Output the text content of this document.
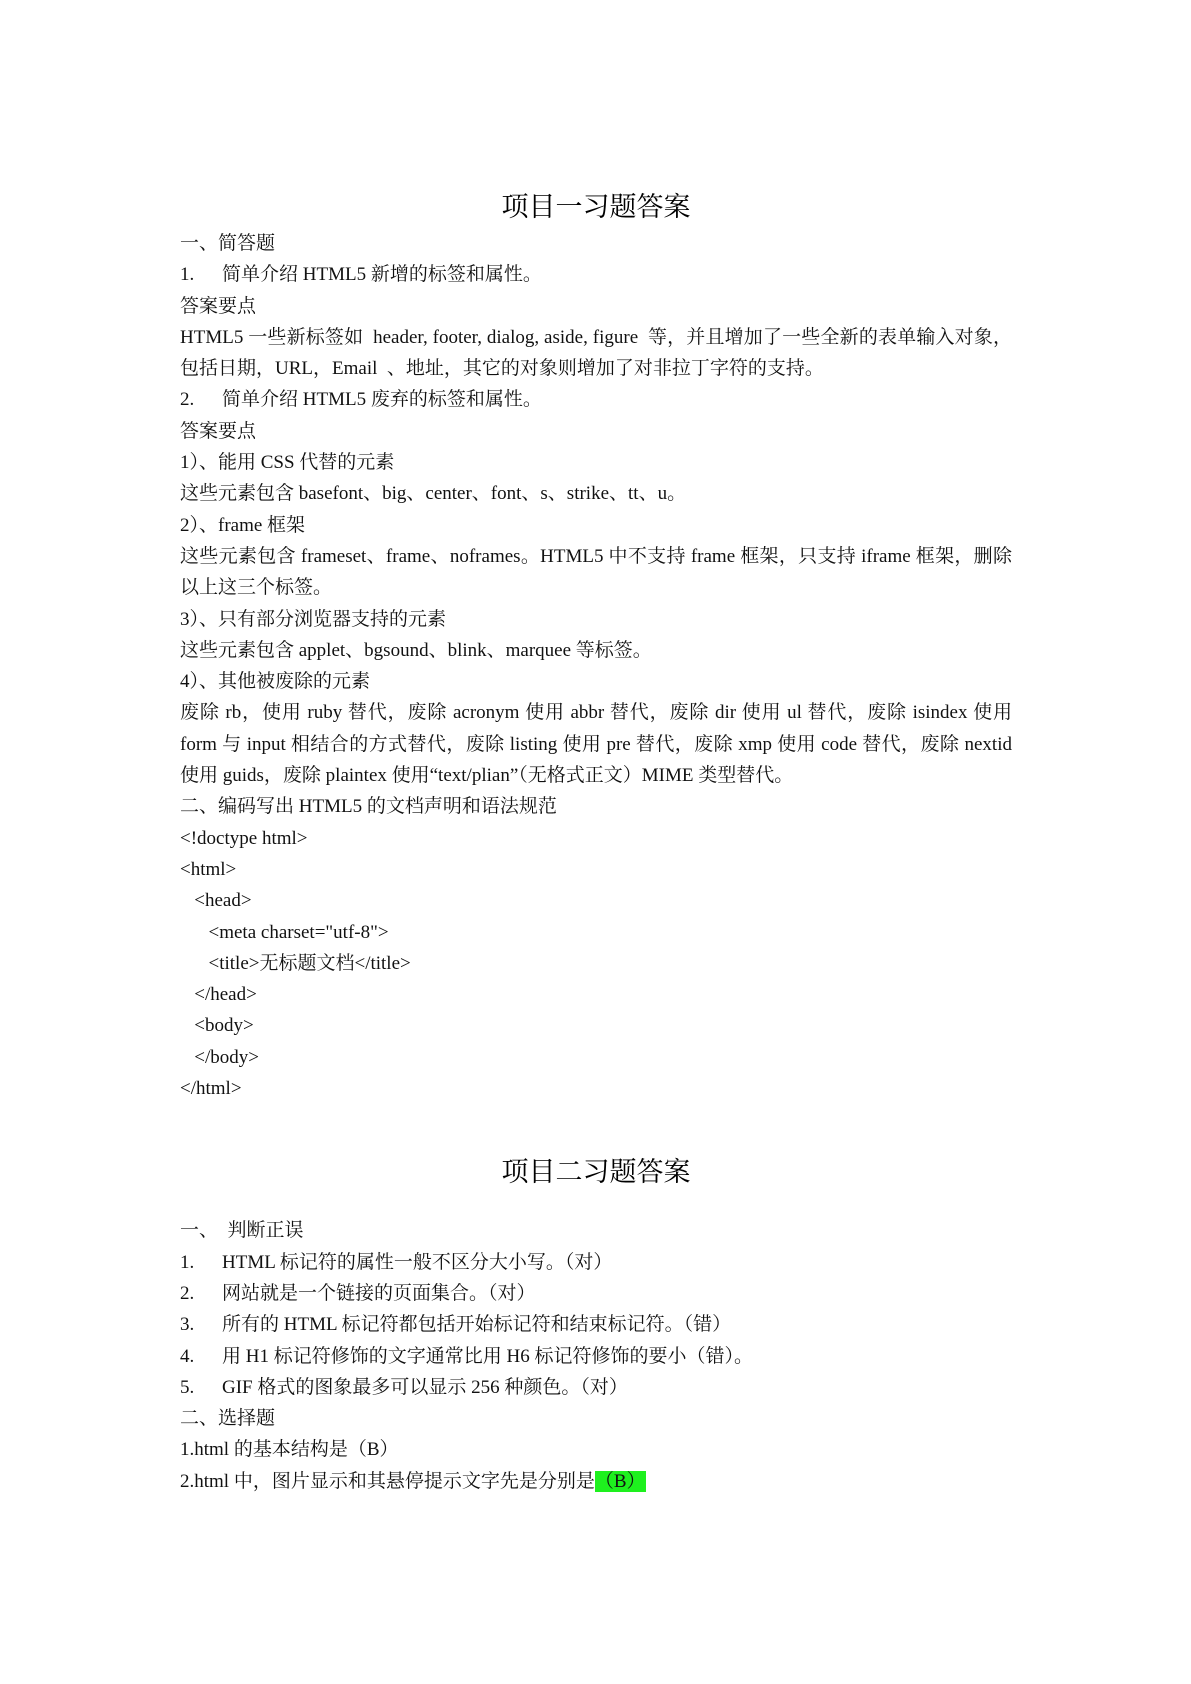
项目一习题答案

一、简答题

1. 简单介绍 HTML5 新增的标签和属性。

答案要点

HTML5 一些新标签如  header, footer, dialog, aside, figure  等，并且增加了一些全新的表单输入对象，包括日期，URL，Email  、地址，其它的对象则增加了对非拉丁字符的支持。

2. 简单介绍 HTML5 废弃的标签和属性。

答案要点

1）、能用 CSS 代替的元素

这些元素包含 basefont、big、center、font、s、strike、tt、u。

2）、frame 框架

这些元素包含 frameset、frame、noframes。HTML5 中不支持 frame 框架，只支持 iframe 框架，删除以上这三个标签。

3）、只有部分浏览器支持的元素

这些元素包含 applet、bgsound、blink、marquee 等标签。

4）、其他被废除的元素

废除 rb，使用 ruby 替代，废除 acronym 使用 abbr 替代，废除 dir 使用 ul 替代，废除 isindex 使用 form 与 input 相结合的方式替代，废除 listing 使用 pre 替代，废除 xmp 使用 code 替代，废除 nextid 使用 guids，废除 plaintex 使用“text/plian”（无格式正文）MIME 类型替代。

二、编码写出 HTML5 的文档声明和语法规范

<!doctype html>

<html>

<head>

<meta charset="utf-8">

<title>无标题文档</title>

</head>

<body>

</body>

</html>

项目二习题答案

一、  判断正误

1. HTML 标记符的属性一般不区分大小写。（对）

2. 网站就是一个链接的页面集合。（对）

3. 所有的 HTML 标记符都包括开始标记符和结束标记符。（错）

4. 用 H1 标记符修饰的文字通常比用 H6 标记符修饰的要小（错）。

5. GIF 格式的图象最多可以显示 256 种颜色。（对）

二、选择题

1.html 的基本结构是（B）

2.html 中，图片显示和其悬停提示文字先是分别是（B）
